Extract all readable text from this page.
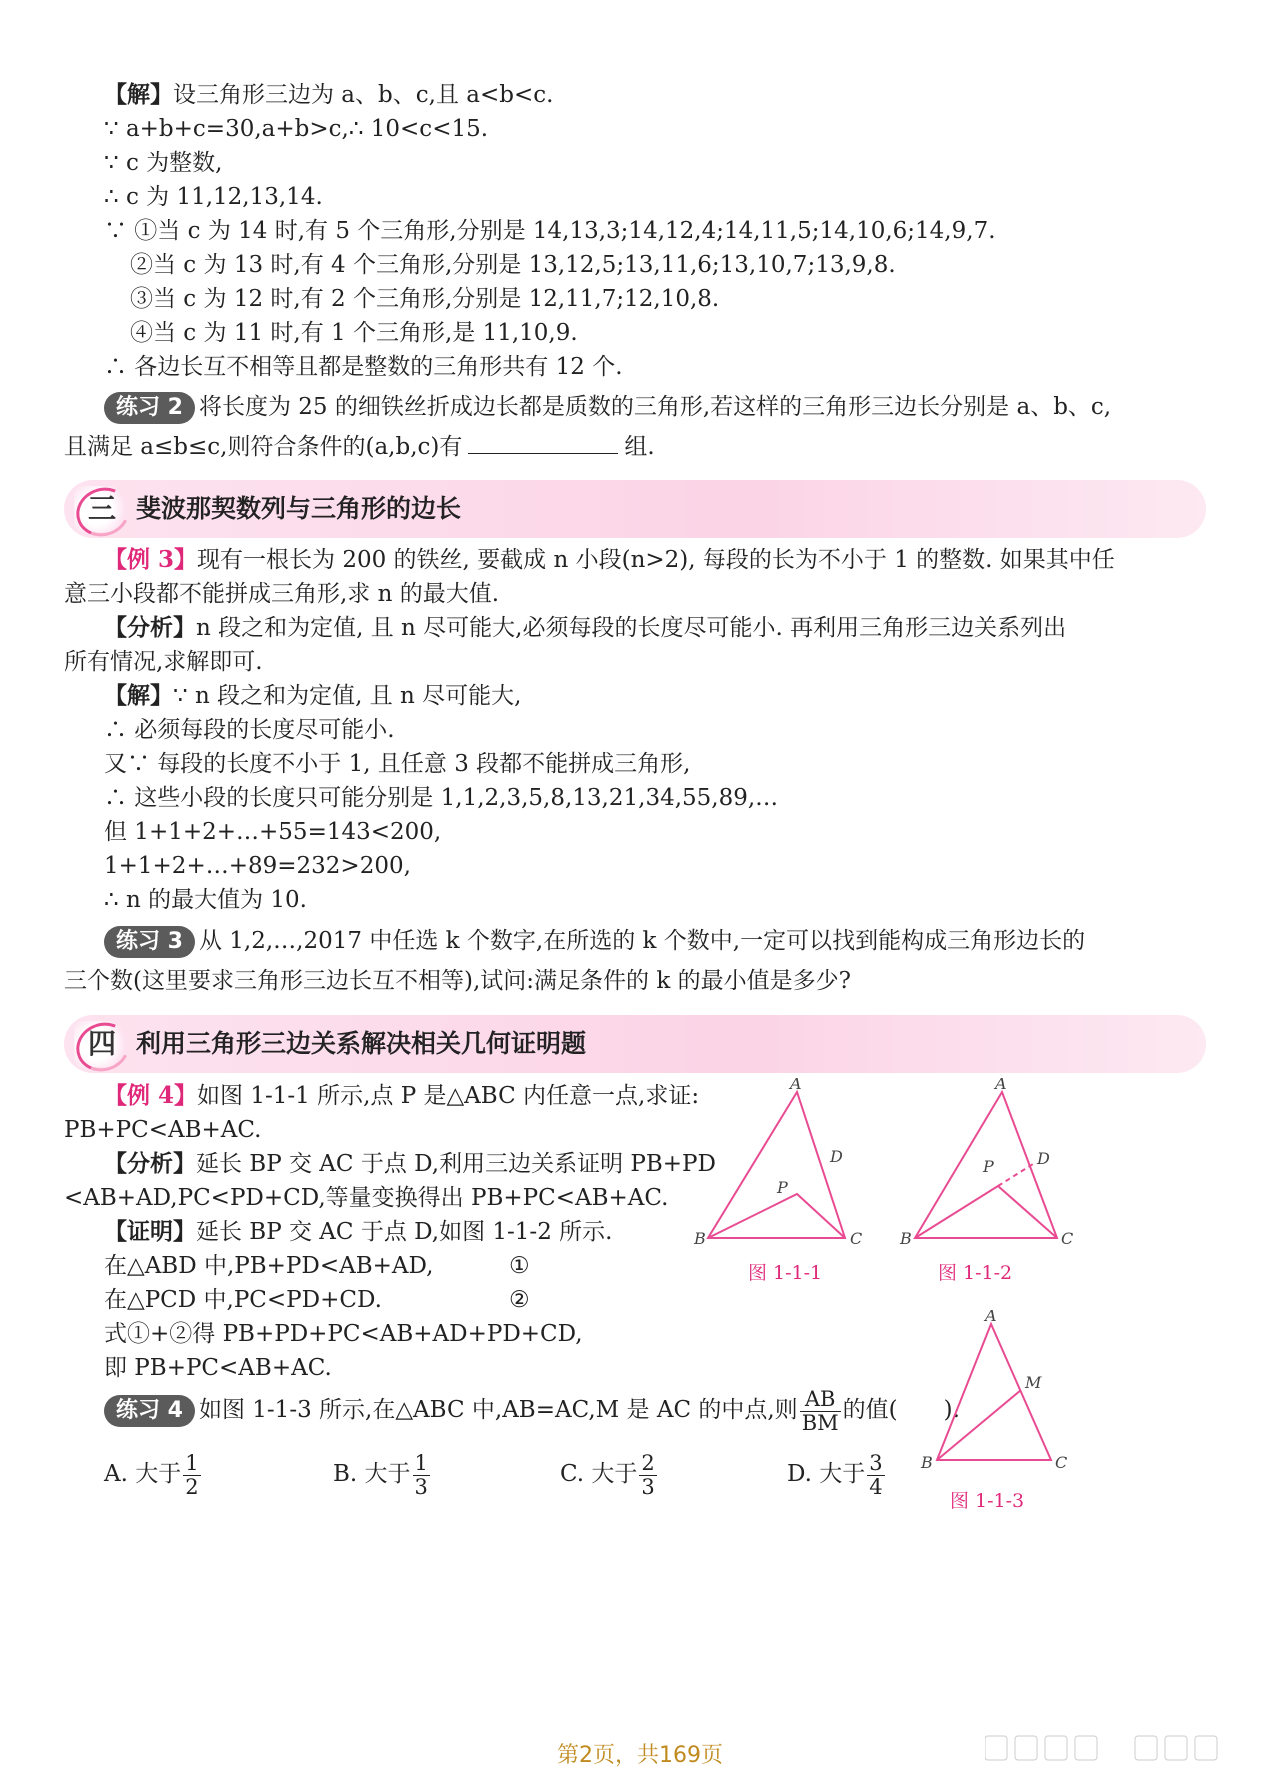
【解】设三角形三边为 a、b、c,且 a<b<c.
∵ a+b+c=30,a+b>c,∴ 10<c<15.
∵ c 为整数,
∴ c 为 11,12,13,14.
∵ ①当 c 为 14 时,有 5 个三角形,分别是 14,13,3;14,12,4;14,11,5;14,10,6;14,9,7.
②当 c 为 13 时,有 4 个三角形,分别是 13,12,5;13,11,6;13,10,7;13,9,8.
③当 c 为 12 时,有 2 个三角形,分别是 12,11,7;12,10,8.
④当 c 为 11 时,有 1 个三角形,是 11,10,9.
∴ 各边长互不相等且都是整数的三角形共有 12 个.
练习 2 将长度为 25 的细铁丝折成边长都是质数的三角形,若这样的三角形三边长分别是 a、b、c,
且满足 a≤b≤c,则符合条件的(a,b,c)有	组.
三 斐波那契数列与三角形的边长
【例 3】现有一根长为 200 的铁丝, 要截成 n 小段(n>2), 每段的长为不小于 1 的整数. 如果其中任
意三小段都不能拼成三角形,求 n 的最大值.
【分析】n 段之和为定值, 且 n 尽可能大,必须每段的长度尽可能小. 再利用三角形三边关系列出
所有情况,求解即可.
【解】∵ n 段之和为定值, 且 n 尽可能大,
∴ 必须每段的长度尽可能小.
又∵ 每段的长度不小于 1, 且任意 3 段都不能拼成三角形,
∴ 这些小段的长度只可能分别是 1,1,2,3,5,8,13,21,34,55,89,…
但 1+1+2+…+55=143<200,
1+1+2+…+89=232>200,
∴ n 的最大值为 10.
练习 3 从 1,2,…,2017 中任选 k 个数字,在所选的 k 个数中,一定可以找到能构成三角形边长的
三个数(这里要求三角形三边长互不相等),试问:满足条件的 k 的最小值是多少?
四 利用三角形三边关系解决相关几何证明题
【例 4】如图 1-1-1 所示,点 P 是△ABC 内任意一点,求证:
PB+PC<AB+AC.
【分析】延长 BP 交 AC 于点 D,利用三边关系证明 PB+PD
<AB+AD,PC<PD+CD,等量变换得出 PB+PC<AB+AC.
【证明】延长 BP 交 AC 于点 D,如图 1-1-2 所示.
在△ABD 中,PB+PD<AB+AD,	①
在△PCD 中,PC<PD+CD.	②
式①+②得 PB+PD+PC<AB+AD+PD+CD,
即 PB+PC<AB+AC.
练习 4 如图 1-1-3 所示,在△ABC 中,AB=AC,M 是 AC 的中点,则 $\frac{AB}{BM}$ 的值(　　).
A. 大于 $\frac{1}{2}$	B. 大于 $\frac{1}{3}$	C. 大于 $\frac{2}{3}$	D. 大于 $\frac{3}{4}$
A
B	C
D
P
图 1-1-1
A
B	C
D
P
图 1-1-2
A
B	C
M
图 1-1-3
第2页，共169页
